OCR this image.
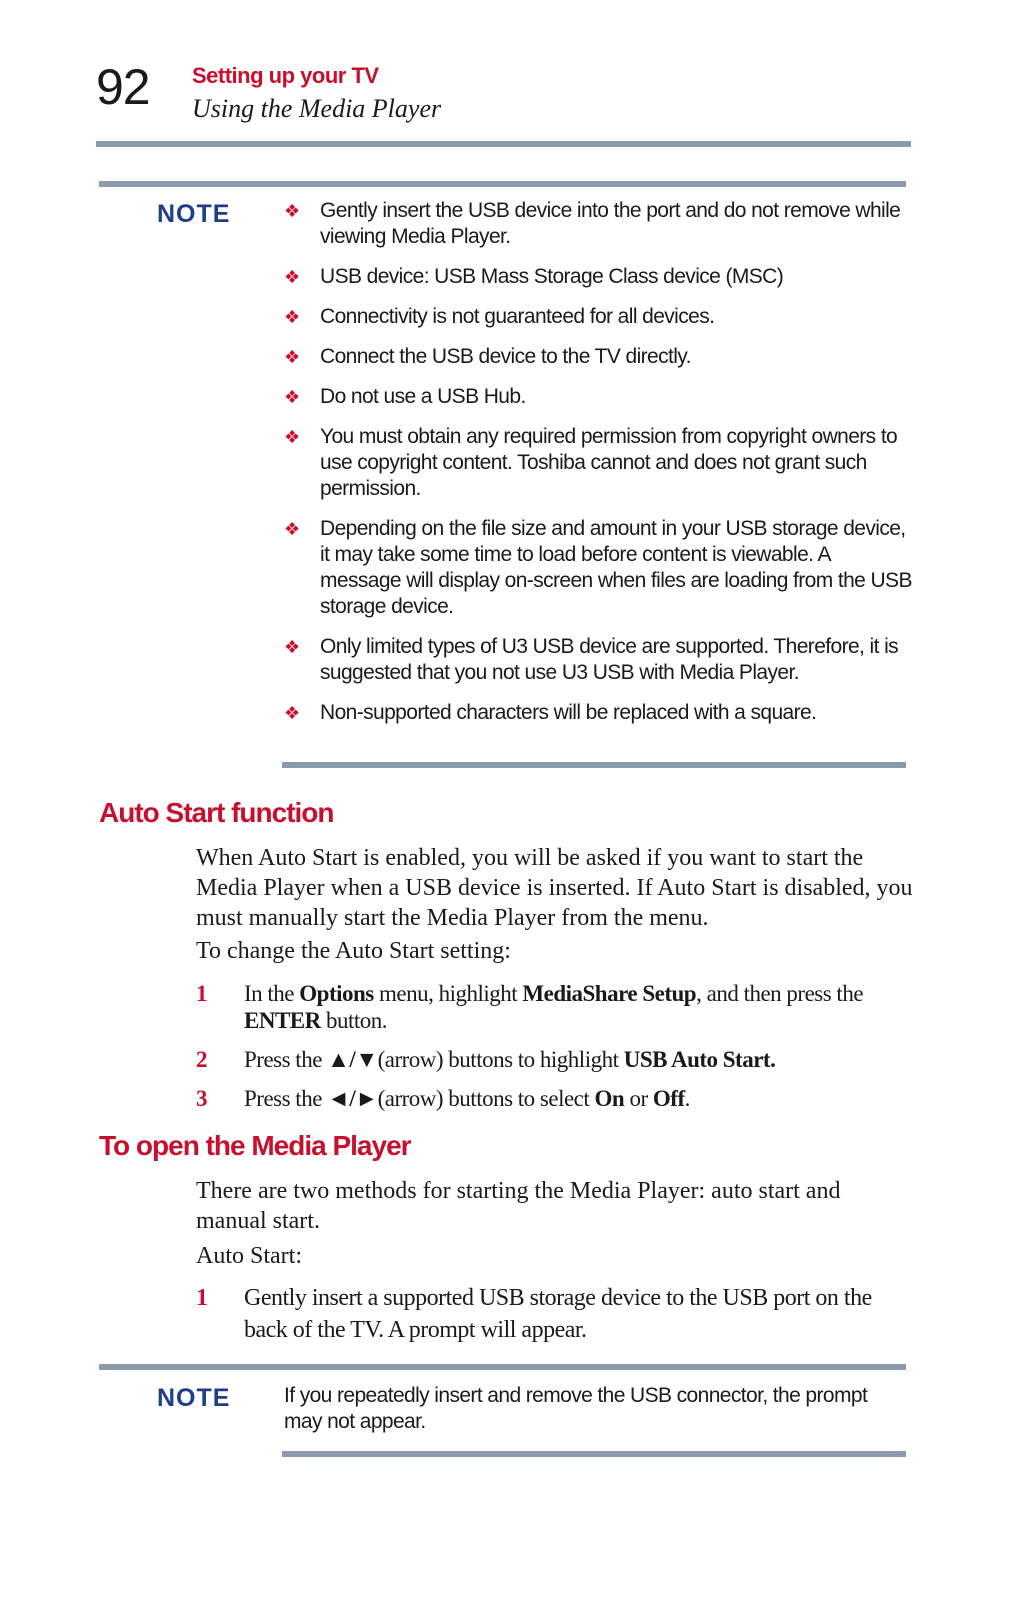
92 Setting up your TV
Using the Media Player
NOTE	❖ Gently insert the USB device into the port and do not remove while viewing Media Player.
❖ USB device: USB Mass Storage Class device (MSC)
❖ Connectivity is not guaranteed for all devices.
❖ Connect the USB device to the TV directly.
❖ Do not use a USB Hub.
❖ You must obtain any required permission from copyright owners to use copyright content. Toshiba cannot and does not grant such permission.
❖ Depending on the file size and amount in your USB storage device, it may take some time to load before content is viewable. A message will display on-screen when files are loading from the USB storage device.
❖ Only limited types of U3 USB device are supported. Therefore, it is suggested that you not use U3 USB with Media Player.
❖ Non-supported characters will be replaced with a square.
Auto Start function

When Auto Start is enabled, you will be asked if you want to start the Media Player when a USB device is inserted. If Auto Start is disabled, you must manually start the Media Player from the menu.

To change the Auto Start setting:

1 In the Options menu, highlight MediaShare Setup, and then press the ENTER button.
2 Press the ▲/▼(arrow) buttons to highlight USB Auto Start.
3 Press the ◄/►(arrow) buttons to select On or Off.
To open the Media Player

There are two methods for starting the Media Player: auto start and manual start.

Auto Start:

1 Gently insert a supported USB storage device to the USB port on the back of the TV. A prompt will appear.
NOTE	If you repeatedly insert and remove the USB connector, the prompt may not appear.
